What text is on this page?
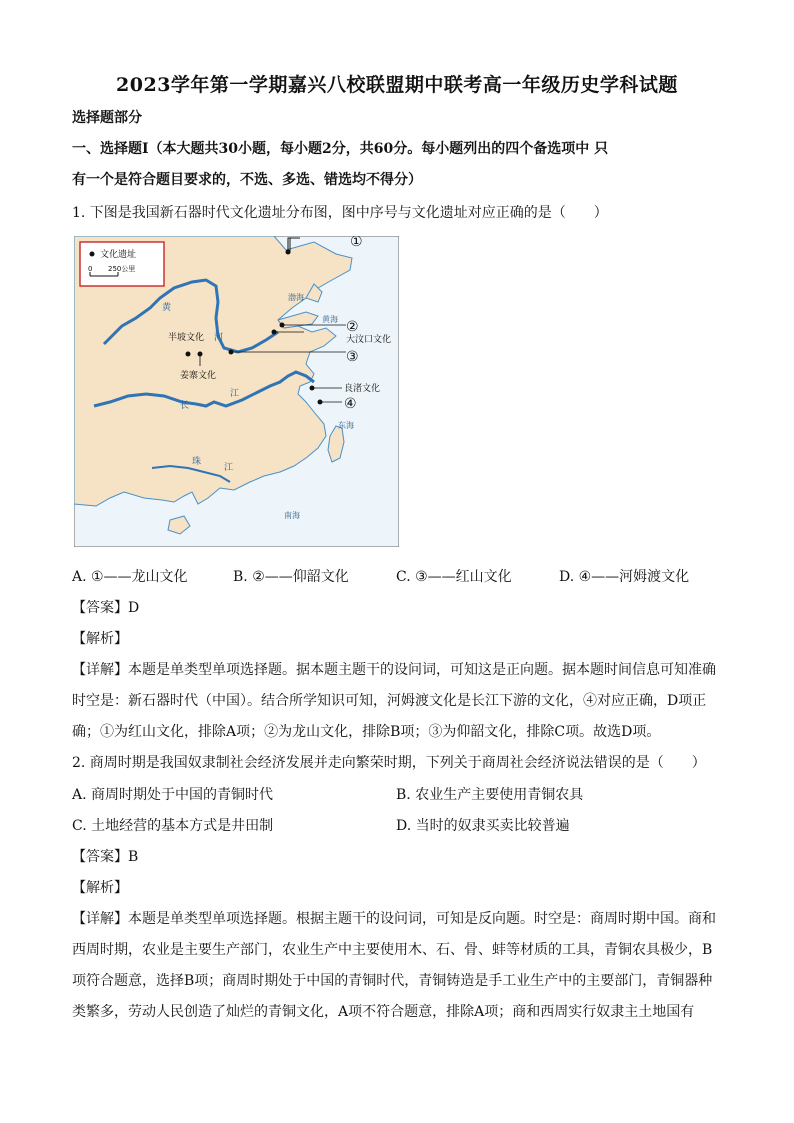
2023学年第一学期嘉兴八校联盟期中联考高一年级历史学科试题
选择题部分
一、选择题Ⅰ（本大题共30小题，每小题2分，共60分。每小题列出的四个备选项中 只
有一个是符合题目要求的，不选、多选、错选均不得分）
1. 下图是我国新石器时代文化遗址分布图，图中序号与文化遗址对应正确的是（　　）
文化遗址
0 250公里
渤海
黄海
东海
南海
黄
河
长
江
珠
江
①
②
③
④
半坡文化
姜寨文化
大汶口文化
良渚文化
A. ①——龙山文化	B. ②——仰韶文化	C. ③——红山文化	D. ④——河姆渡文化
【答案】D
【解析】

【详解】本题是单类型单项选择题。据本题主题干的设问词，可知这是正向题。据本题时间信息可知准确

时空是：新石器时代（中国）。结合所学知识可知，河姆渡文化是长江下游的文化，④对应正确，D项正

确；①为红山文化，排除A项；②为龙山文化，排除B项；③为仰韶文化，排除C项。故选D项。

2. 商周时期是我国奴隶制社会经济发展并走向繁荣时期，下列关于商周社会经济说法错误的是（　　）
A. 商周时期处于中国的青铜时代	B. 农业生产主要使用青铜农具
C. 土地经营的基本方式是井田制	D. 当时的奴隶买卖比较普遍
【答案】B
【解析】

【详解】本题是单类型单项选择题。根据主题干的设问词，可知是反向题。时空是：商周时期中国。商和

西周时期，农业是主要生产部门，农业生产中主要使用木、石、骨、蚌等材质的工具，青铜农具极少，B

项符合题意，选择B项；商周时期处于中国的青铜时代，青铜铸造是手工业生产中的主要部门，青铜器种

类繁多，劳动人民创造了灿烂的青铜文化，A项不符合题意，排除A项；商和西周实行奴隶主土地国有
